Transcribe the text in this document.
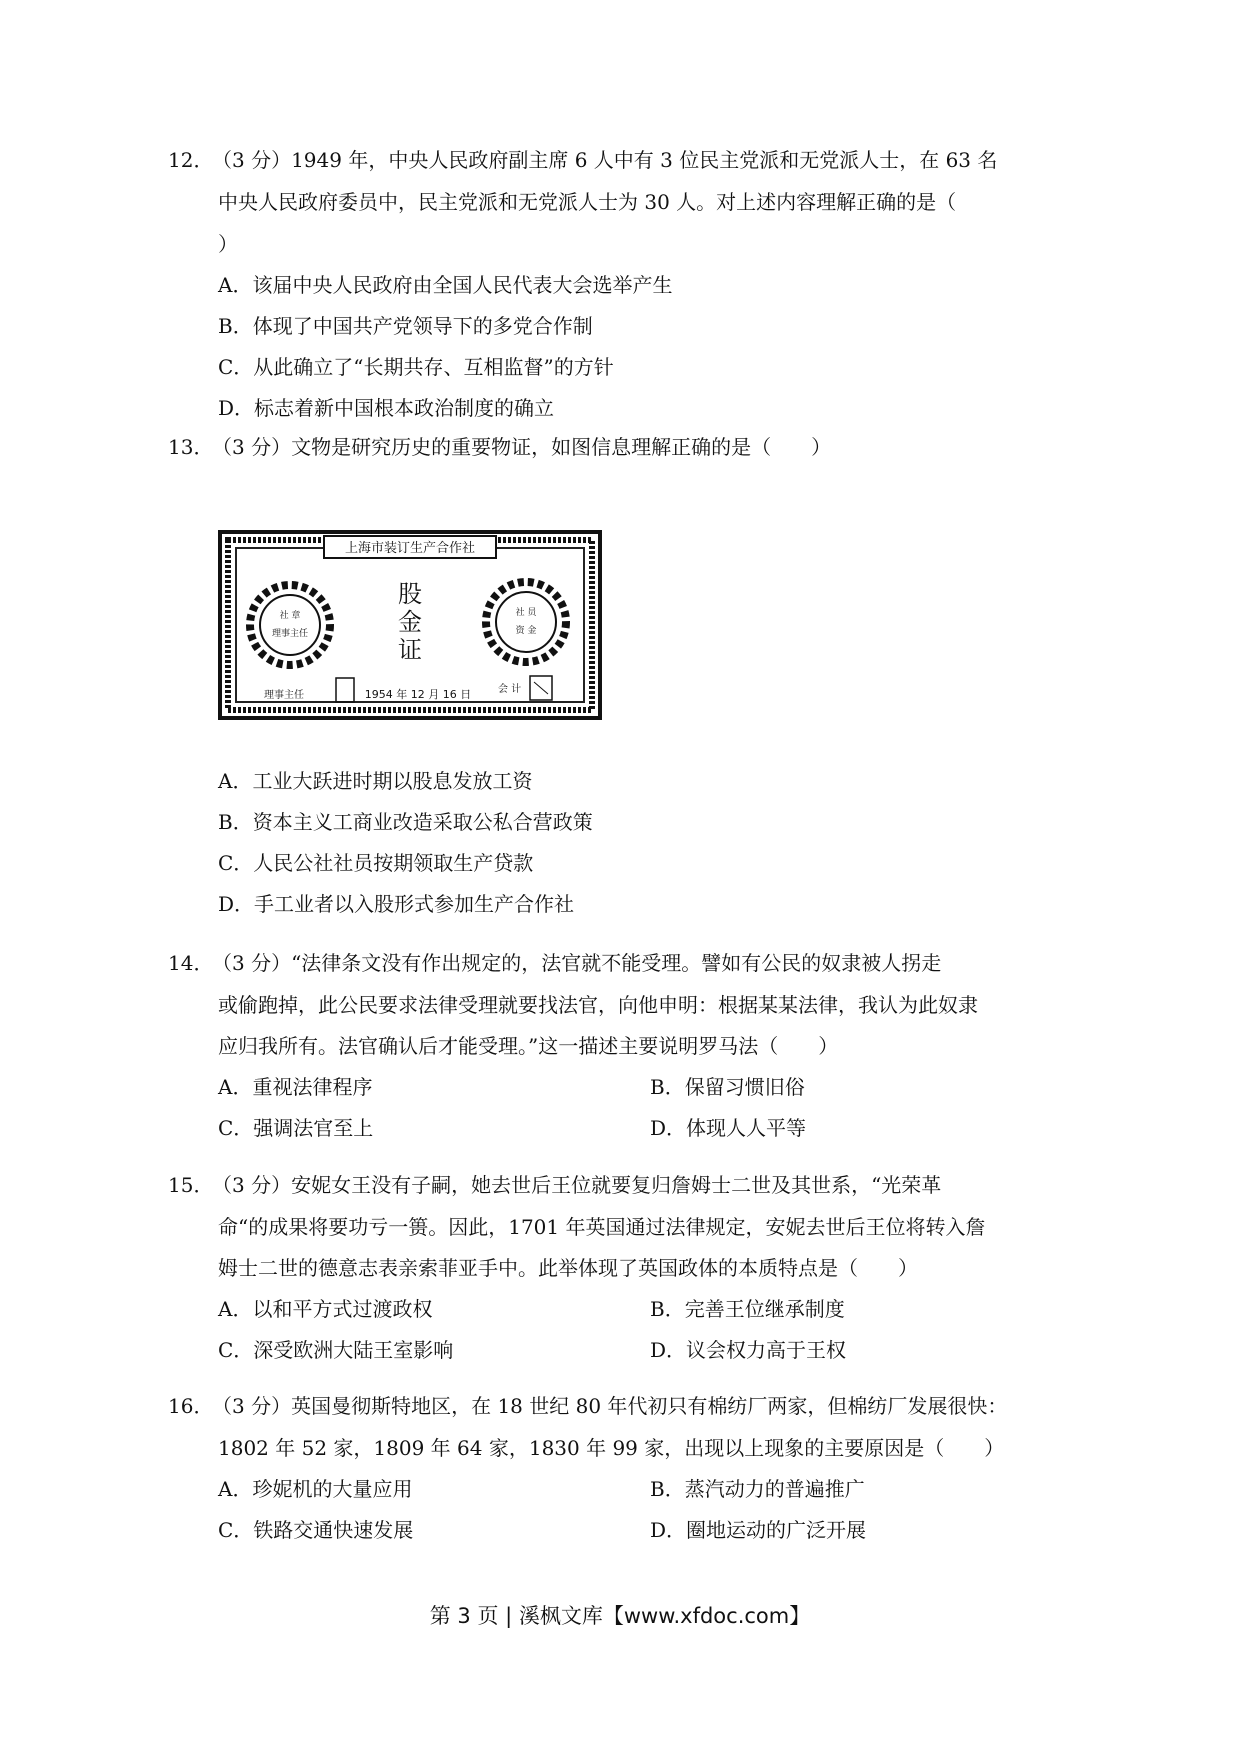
12．
（3 分）1949 年，中央人民政府副主席 6 人中有 3 位民主党派和无党派人士，在 63 名
中央人民政府委员中，民主党派和无党派人士为 30 人。对上述内容理解正确的是（
）
A．该届中央人民政府由全国人民代表大会选举产生
B．体现了中国共产党领导下的多党合作制
C．从此确立了“长期共存、互相监督”的方针
D．标志着新中国根本政治制度的确立
13．
（3 分）文物是研究历史的重要物证，如图信息理解正确的是（　　）
上海市装订生产合作社
社 章
理事主任
社 员
资 金
股
金
证
理事主任	1954 年 12 月 16 日	会 计
A．工业大跃进时期以股息发放工资
B．资本主义工商业改造采取公私合营政策
C．人民公社社员按期领取生产贷款
D．手工业者以入股形式参加生产合作社
14．
（3 分）“法律条文没有作出规定的，法官就不能受理。譬如有公民的奴隶被人拐走
或偷跑掉，此公民要求法律受理就要找法官，向他申明：根据某某法律，我认为此奴隶
应归我所有。法官确认后才能受理。”这一描述主要说明罗马法（　　）
A．重视法律程序	B．保留习惯旧俗
C．强调法官至上	D．体现人人平等
15．
（3 分）安妮女王没有子嗣，她去世后王位就要复归詹姆士二世及其世系，“光荣革
命“的成果将要功亏一篑。因此，1701 年英国通过法律规定，安妮去世后王位将转入詹
姆士二世的德意志表亲索菲亚手中。此举体现了英国政体的本质特点是（　　）
A．以和平方式过渡政权	B．完善王位继承制度
C．深受欧洲大陆王室影响	D．议会权力高于王权
16．
（3 分）英国曼彻斯特地区，在 18 世纪 80 年代初只有棉纺厂两家，但棉纺厂发展很快：
1802 年 52 家，1809 年 64 家，1830 年 99 家，出现以上现象的主要原因是（　　）
A．珍妮机的大量应用	B．蒸汽动力的普遍推广
C．铁路交通快速发展	D．圈地运动的广泛开展
第 3 页 | 溪枫文库【www.xfdoc.com】
